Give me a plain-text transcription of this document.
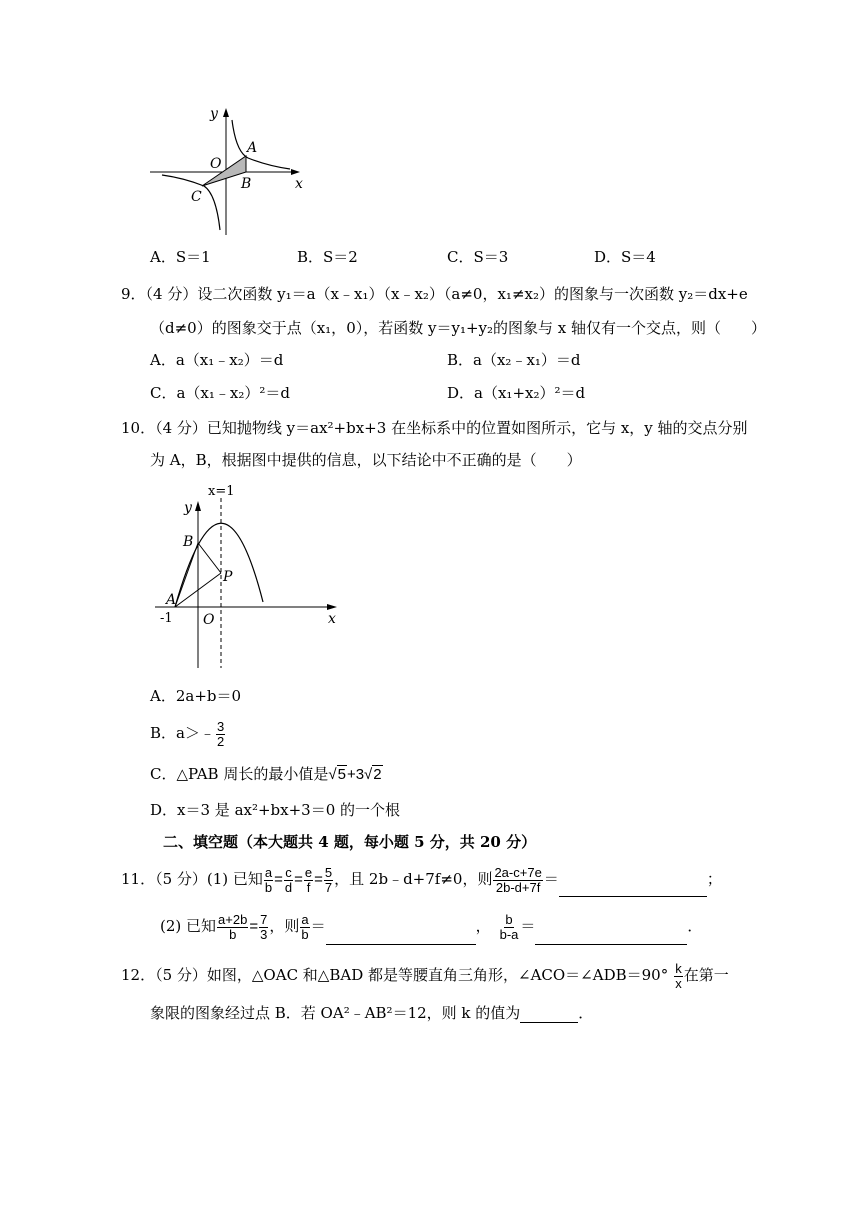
y
x
O
A
B
C
A．S＝1	B．S＝2	C．S＝3	D．S＝4
9．（4 分）设二次函数 y₁＝a（x﹣x₁）（x﹣x₂）（a≠0，x₁≠x₂）的图象与一次函数 y₂＝dx+e
（d≠0）的图象交于点（x₁，0），若函数 y＝y₁+y₂的图象与 x 轴仅有一个交点，则（　　）
A．a（x₁﹣x₂）＝d	B．a（x₂﹣x₁）＝d
C．a（x₁﹣x₂）²＝d	D．a（x₁+x₂）²＝d
10．（4 分）已知抛物线 y＝ax²+bx+3 在坐标系中的位置如图所示，它与 x，y 轴的交点分别
为 A，B，根据图中提供的信息，以下结论中不正确的是（　　）
x=1
y
x
B
P
A
-1 O
A．2a+b＝0
B．a＞﹣ $\frac{3}{2}$
C．△PAB 周长的最小值是√5+3√2
D．x＝3 是 ax²+bx+3＝0 的一个根
二、填空题（本大题共 4 题，每小题 5 分，共 20 分）
11．（5 分）(1) 已知 $\frac{a}{b} = \frac{c}{d} = \frac{e}{f} = \frac{5}{7}$ ，且 2b﹣d+7f≠0，则 $\frac{2a-c+7e}{2b-d+7f}$ ＝	；
(2) 已知 $\frac{a+2b}{b} = \frac{7}{3}$ ，则 $\frac{a}{b}$ ＝	， $\frac{b}{b-a}$ ＝	．
12．（5 分）如图，△OAC 和△BAD 都是等腰直角三角形，∠ACO＝∠ADB＝90° $\frac{k}{x}$ 在第一
象限的图象经过点 B．若 OA²﹣AB²＝12，则 k 的值为	．
